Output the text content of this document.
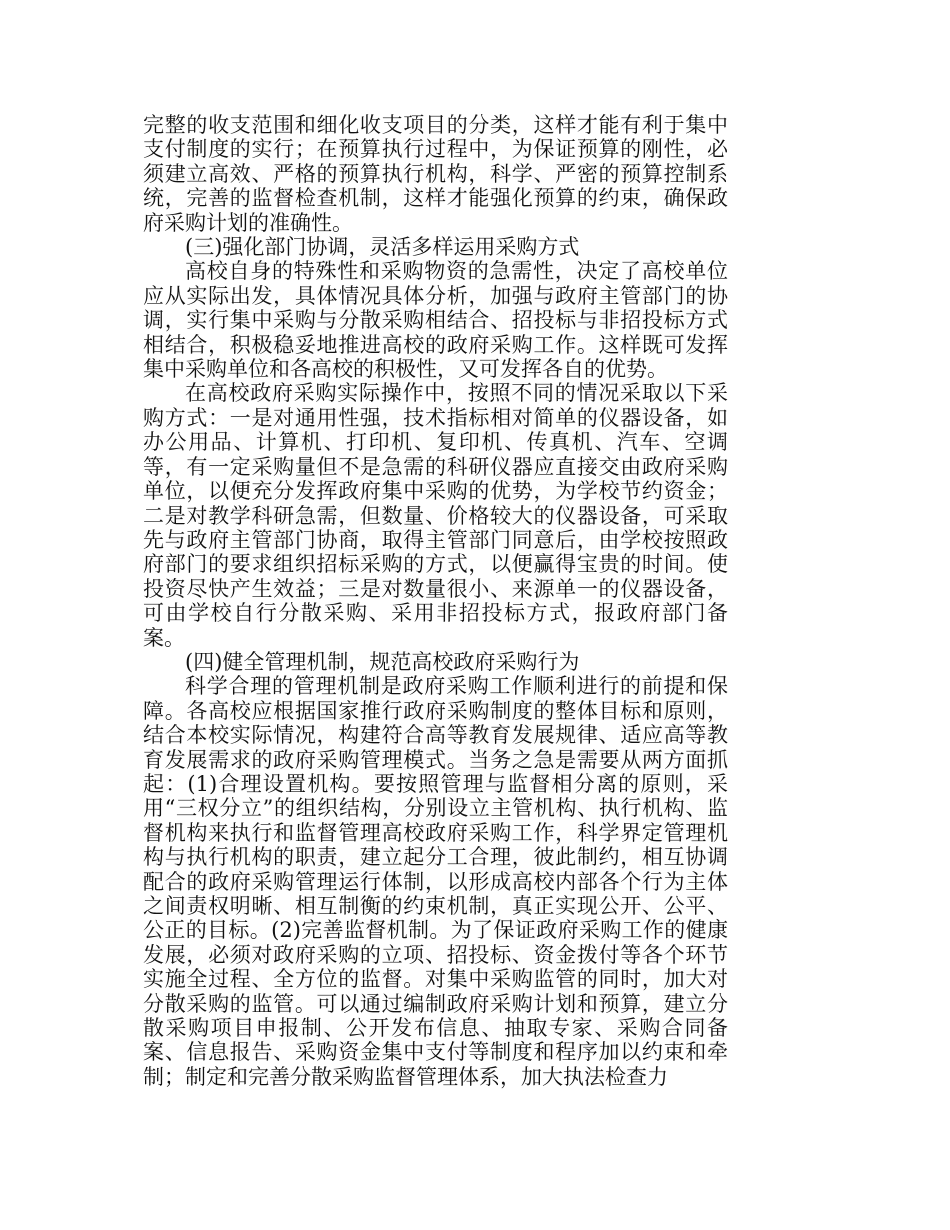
完整的收支范围和细化收支项目的分类，这样才能有利于集中支付制度的实行；在预算执行过程中，为保证预算的刚性，必须建立高效、严格的预算执行机构，科学、严密的预算控制系统，完善的监督检查机制，这样才能强化预算的约束，确保政府采购计划的准确性。

(三)强化部门协调，灵活多样运用采购方式

高校自身的特殊性和采购物资的急需性，决定了高校单位应从实际出发，具体情况具体分析，加强与政府主管部门的协调，实行集中采购与分散采购相结合、招投标与非招投标方式相结合，积极稳妥地推进高校的政府采购工作。这样既可发挥集中采购单位和各高校的积极性，又可发挥各自的优势。

在高校政府采购实际操作中，按照不同的情况采取以下采购方式：一是对通用性强，技术指标相对简单的仪器设备，如办公用品、计算机、打印机、复印机、传真机、汽车、空调等，有一定采购量但不是急需的科研仪器应直接交由政府采购单位，以便充分发挥政府集中采购的优势，为学校节约资金；二是对教学科研急需，但数量、价格较大的仪器设备，可采取先与政府主管部门协商，取得主管部门同意后，由学校按照政府部门的要求组织招标采购的方式，以便赢得宝贵的时间。使投资尽快产生效益；三是对数量很小、来源单一的仪器设备，可由学校自行分散采购、采用非招投标方式，报政府部门备案。

(四)健全管理机制，规范高校政府采购行为

科学合理的管理机制是政府采购工作顺利进行的前提和保障。各高校应根据国家推行政府采购制度的整体目标和原则，结合本校实际情况，构建符合高等教育发展规律、适应高等教育发展需求的政府采购管理模式。当务之急是需要从两方面抓起：(1)合理设置机构。要按照管理与监督相分离的原则，采用“三权分立”的组织结构，分别设立主管机构、执行机构、监督机构来执行和监督管理高校政府采购工作，科学界定管理机构与执行机构的职责，建立起分工合理，彼此制约，相互协调配合的政府采购管理运行体制，以形成高校内部各个行为主体之间责权明晰、相互制衡的约束机制，真正实现公开、公平、公正的目标。(2)完善监督机制。为了保证政府采购工作的健康发展，必须对政府采购的立项、招投标、资金拨付等各个环节实施全过程、全方位的监督。对集中采购监管的同时，加大对分散采购的监管。可以通过编制政府采购计划和预算，建立分散采购项目申报制、公开发布信息、抽取专家、采购合同备案、信息报告、采购资金集中支付等制度和程序加以约束和牵制；制定和完善分散采购监督管理体系，加大执法检查力
